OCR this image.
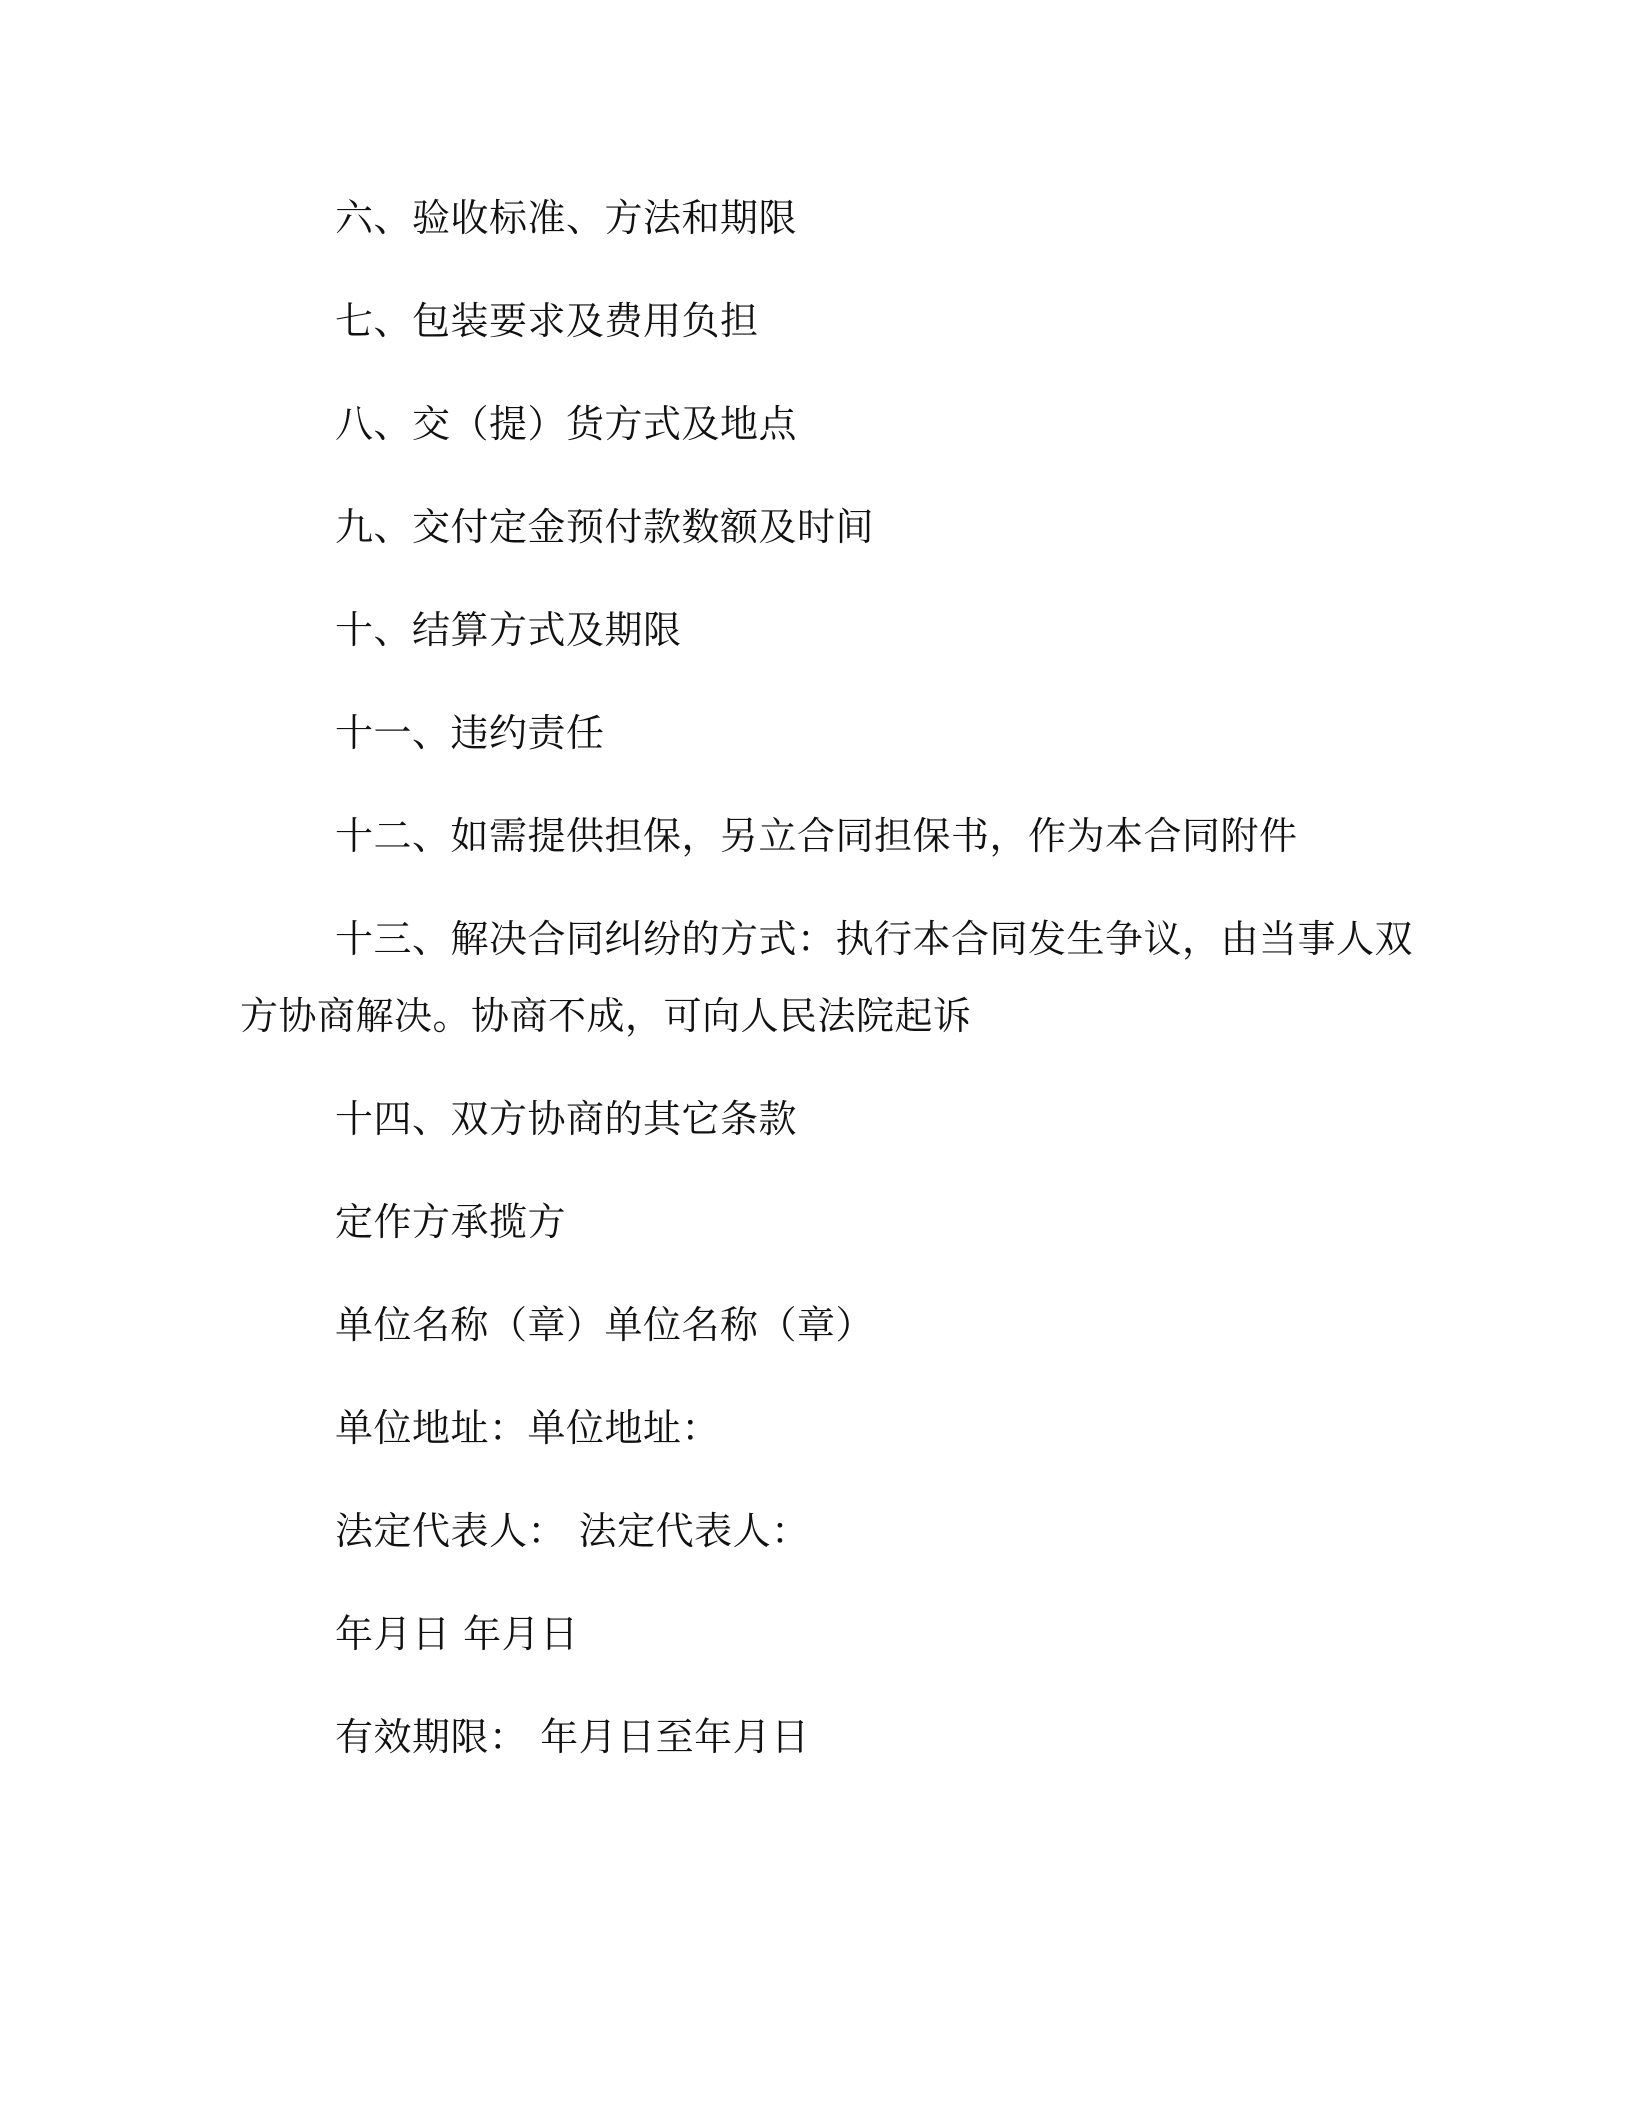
六、验收标准、方法和期限
七、包装要求及费用负担
八、交（提）货方式及地点
九、交付定金预付款数额及时间
十、结算方式及期限
十一、违约责任
十二、如需提供担保，另立合同担保书，作为本合同附件
十三、解决合同纠纷的方式：执行本合同发生争议，由当事人双
方协商解决。协商不成，可向人民法院起诉
十四、双方协商的其它条款
定作方承揽方
单位名称（章）单位名称（章）
单位地址：单位地址：
法定代表人： 法定代表人：
年月日 年月日
有效期限： 年月日至年月日
